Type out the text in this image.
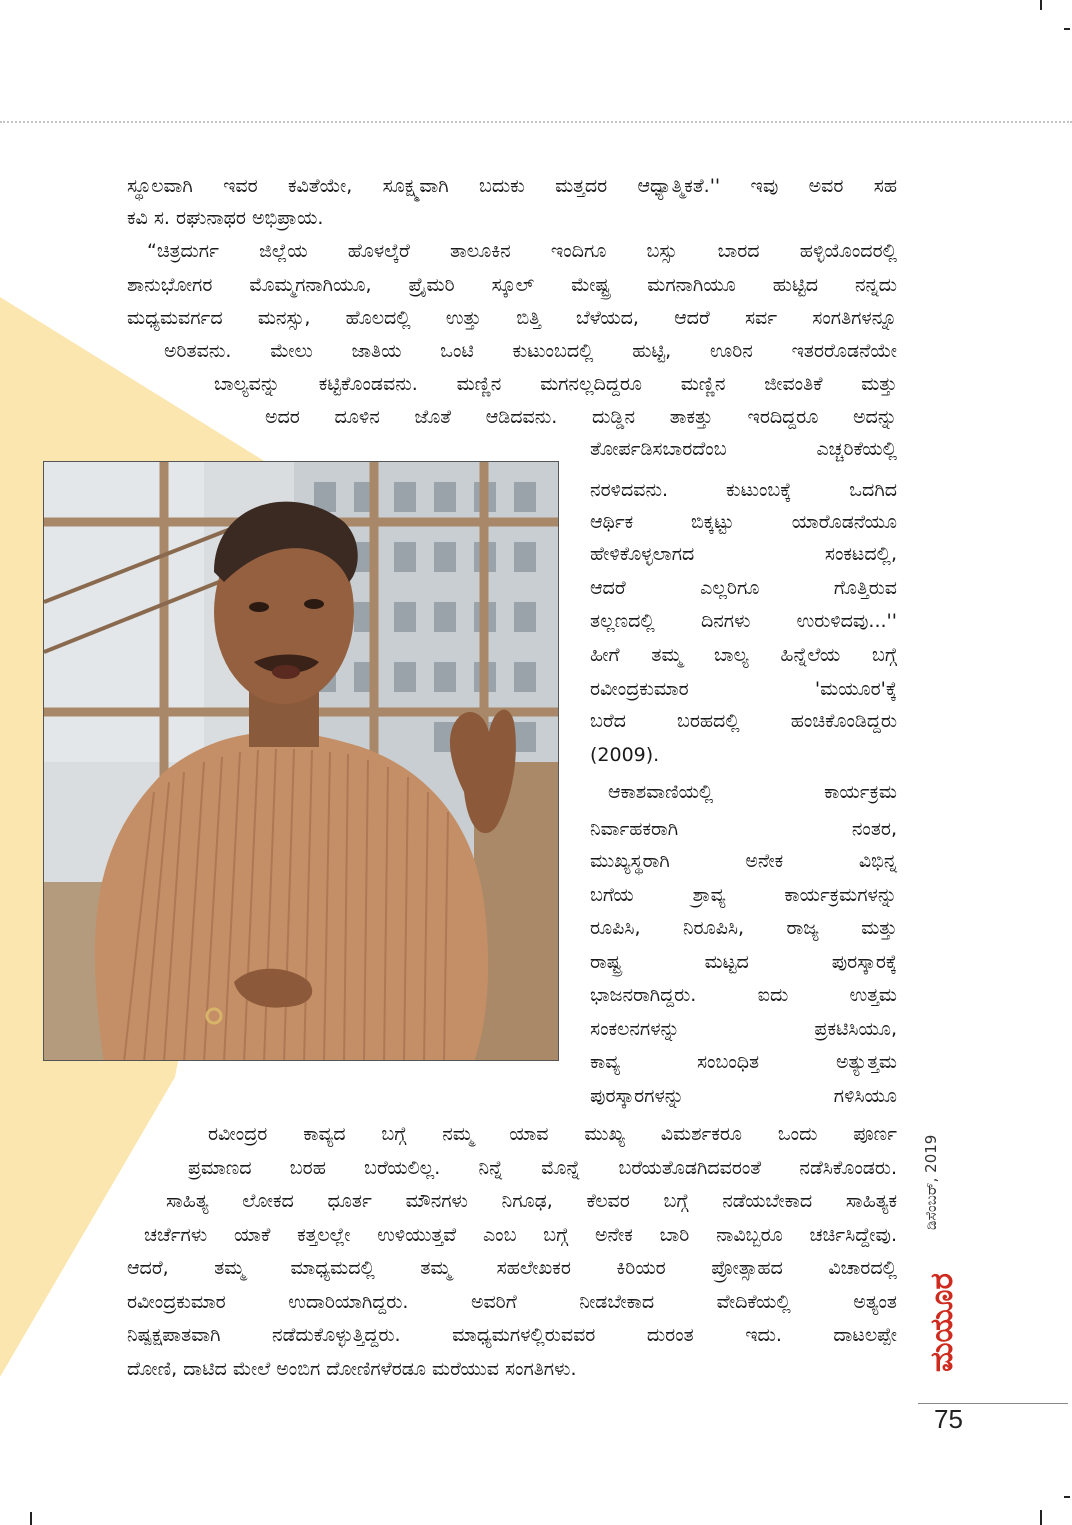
ಸ್ಥೂಲವಾಗಿ ಇವರ ಕವಿತೆಯೇ, ಸೂಕ್ಷ್ಮವಾಗಿ ಬದುಕು ಮತ್ತದರ ಆಧ್ಯಾತ್ಮಿಕತೆ.'' ಇವು ಅವರ ಸಹ

ಕವಿ ಸ. ರಘುನಾಥರ ಅಭಿಪ್ರಾಯ.

“ಚಿತ್ರದುರ್ಗ ಜಿಲ್ಲೆಯ ಹೊಳಲ್ಕೆರೆ ತಾಲೂಕಿನ ಇಂದಿಗೂ ಬಸ್ಸು ಬಾರದ ಹಳ್ಳಿಯೊಂದರಲ್ಲಿ

ಶಾನುಭೋಗರ ಮೊಮ್ಮಗನಾಗಿಯೂ, ಪ್ರೈಮರಿ ಸ್ಕೂಲ್ ಮೇಷ್ಟ್ರ ಮಗನಾಗಿಯೂ ಹುಟ್ಟಿದ ನನ್ನದು

ಮಧ್ಯಮವರ್ಗದ ಮನಸ್ಸು, ಹೊಲದಲ್ಲಿ ಉತ್ತು ಬಿತ್ತಿ ಬೆಳೆಯದ, ಆದರೆ ಸರ್ವ ಸಂಗತಿಗಳನ್ನೂ

ಅರಿತವನು. ಮೇಲು ಜಾತಿಯ ಒಂಟಿ ಕುಟುಂಬದಲ್ಲಿ ಹುಟ್ಟಿ, ಊರಿನ ಇತರರೊಡನೆಯೇ

ಬಾಲ್ಯವನ್ನು ಕಟ್ಟಿಕೊಂಡವನು. ಮಣ್ಣಿನ ಮಗನಲ್ಲದಿದ್ದರೂ ಮಣ್ಣಿನ ಜೀವಂತಿಕೆ ಮತ್ತು

ಅದರ ದೂಳಿನ ಜೊತೆ ಆಡಿದವನು. ದುಡ್ಡಿನ ತಾಕತ್ತು ಇರದಿದ್ದರೂ ಅದನ್ನು

ತೋರ್ಪಡಿಸಬಾರದೆಂಬ ಎಚ್ಚರಿಕೆಯಲ್ಲಿ

ನರಳಿದವನು. ಕುಟುಂಬಕ್ಕೆ ಒದಗಿದ

ಆರ್ಥಿಕ ಬಿಕ್ಕಟ್ಟು ಯಾರೊಡನೆಯೂ

ಹೇಳಿಕೊಳ್ಳಲಾಗದ ಸಂಕಟದಲ್ಲಿ,

ಆದರೆ ಎಲ್ಲರಿಗೂ ಗೊತ್ತಿರುವ

ತಲ್ಲಣದಲ್ಲಿ ದಿನಗಳು ಉರುಳಿದವು...''

ಹೀಗೆ ತಮ್ಮ ಬಾಲ್ಯ ಹಿನ್ನೆಲೆಯ ಬಗ್ಗೆ

ರವೀಂದ್ರಕುಮಾರ 'ಮಯೂರ'ಕ್ಕೆ

ಬರೆದ ಬರಹದಲ್ಲಿ ಹಂಚಿಕೊಂಡಿದ್ದರು

(2009).

ಆಕಾಶವಾಣಿಯಲ್ಲಿ ಕಾರ್ಯಕ್ರಮ

ನಿರ್ವಾಹಕರಾಗಿ ನಂತರ,

ಮುಖ್ಯಸ್ಥರಾಗಿ ಅನೇಕ ವಿಭಿನ್ನ

ಬಗೆಯ ಶ್ರಾವ್ಯ ಕಾರ್ಯಕ್ರಮಗಳನ್ನು

ರೂಪಿಸಿ, ನಿರೂಪಿಸಿ, ರಾಜ್ಯ ಮತ್ತು

ರಾಷ್ಟ್ರ ಮಟ್ಟದ ಪುರಸ್ಕಾರಕ್ಕೆ

ಭಾಜನರಾಗಿದ್ದರು. ಐದು ಉತ್ತಮ

ಸಂಕಲನಗಳನ್ನು ಪ್ರಕಟಿಸಿಯೂ,

ಕಾವ್ಯ ಸಂಬಂಧಿತ ಅತ್ಯುತ್ತಮ

ಪುರಸ್ಕಾರಗಳನ್ನು ಗಳಿಸಿಯೂ

ರವೀಂದ್ರರ ಕಾವ್ಯದ ಬಗ್ಗೆ ನಮ್ಮ ಯಾವ ಮುಖ್ಯ ವಿಮರ್ಶಕರೂ ಒಂದು ಪೂರ್ಣ

ಪ್ರಮಾಣದ ಬರಹ ಬರೆಯಲಿಲ್ಲ. ನಿನ್ನೆ ಮೊನ್ನೆ ಬರೆಯತೊಡಗಿದವರಂತೆ ನಡೆಸಿಕೊಂಡರು.

ಸಾಹಿತ್ಯ ಲೋಕದ ಧೂರ್ತ ಮೌನಗಳು ನಿಗೂಢ, ಕೆಲವರ ಬಗ್ಗೆ ನಡೆಯಬೇಕಾದ ಸಾಹಿತ್ಯಕ

ಚರ್ಚೆಗಳು ಯಾಕೆ ಕತ್ತಲಲ್ಲೇ ಉಳಿಯುತ್ತವೆ ಎಂಬ ಬಗ್ಗೆ ಅನೇಕ ಬಾರಿ ನಾವಿಬ್ಬರೂ ಚರ್ಚಿಸಿದ್ದೇವು.

ಆದರೆ, ತಮ್ಮ ಮಾಧ್ಯಮದಲ್ಲಿ ತಮ್ಮ ಸಹಲೇಖಕರ ಕಿರಿಯರ ಪ್ರೋತ್ಸಾಹದ ವಿಚಾರದಲ್ಲಿ

ರವೀಂದ್ರಕುಮಾರ ಉದಾರಿಯಾಗಿದ್ದರು. ಅವರಿಗೆ ನೀಡಬೇಕಾದ ವೇದಿಕೆಯಲ್ಲಿ ಅತ್ಯಂತ

ನಿಷ್ಪಕ್ಷಪಾತವಾಗಿ ನಡೆದುಕೊಳ್ಳುತ್ತಿದ್ದರು. ಮಾಧ್ಯಮಗಳಲ್ಲಿರುವವರ ದುರಂತ ಇದು. ದಾಟಲಪ್ಪೇ

ದೋಣಿ, ದಾಟಿದ ಮೇಲೆ ಅಂಬಿಗ ದೋಣಿಗಳೆರಡೂ ಮರೆಯುವ ಸಂಗತಿಗಳು.

ಡಿಸೆಂಬರ್, 2019
ಮಯೂರ
75
